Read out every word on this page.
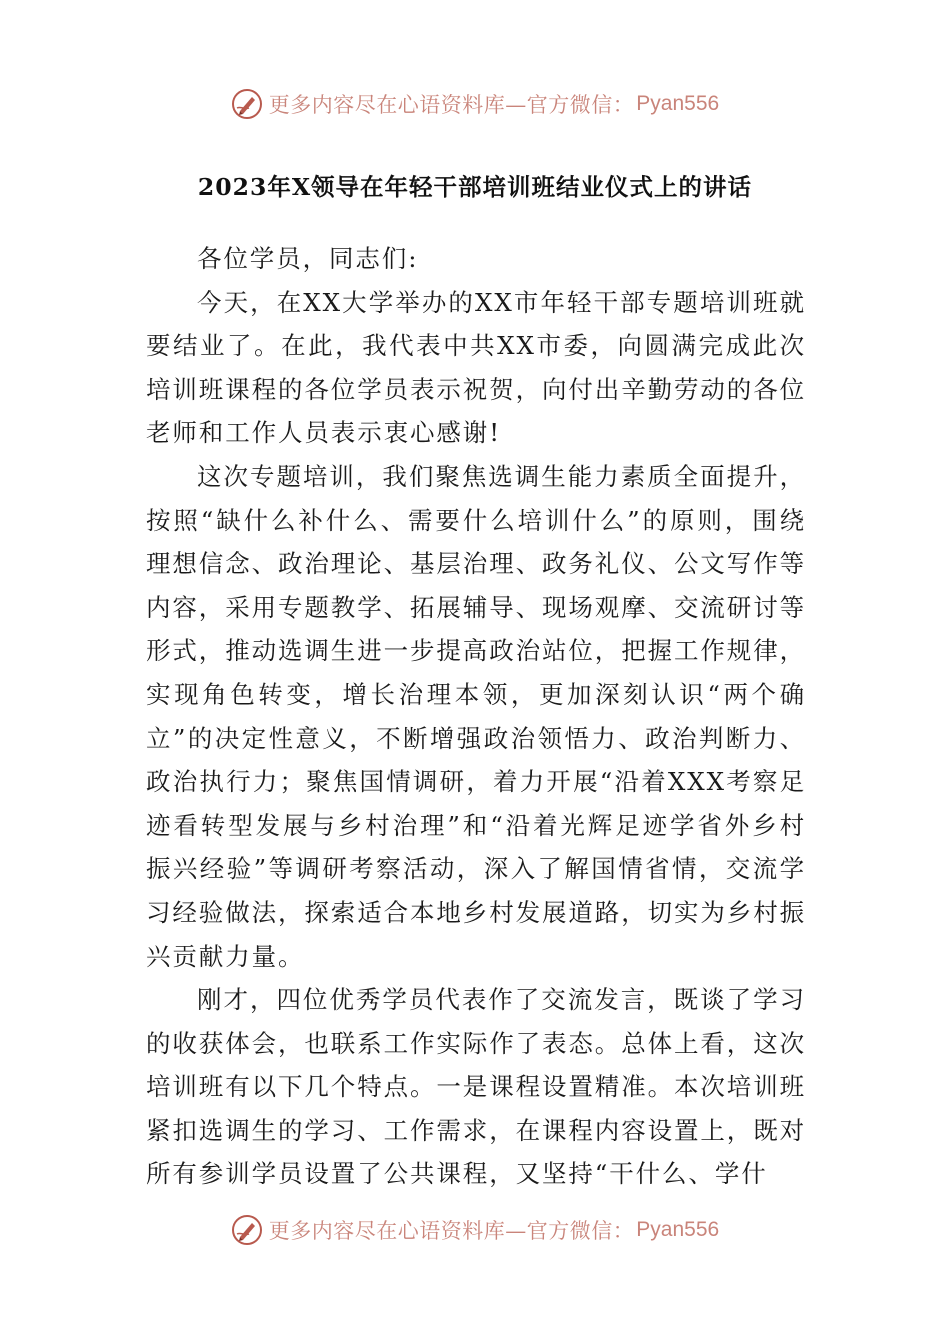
更多内容尽在心语资料库—官方微信： Pyan556
2023年X领导在年轻干部培训班结业仪式上的讲话

各位学员，同志们:

今天，在XX大学举办的XX市年轻干部专题培训班就要结业了。在此，我代表中共XX市委，向圆满完成此次培训班课程的各位学员表示祝贺，向付出辛勤劳动的各位老师和工作人员表示衷心感谢!

这次专题培训，我们聚焦选调生能力素质全面提升，按照“缺什么补什么、需要什么培训什么”的原则，围绕理想信念、政治理论、基层治理、政务礼仪、公文写作等内容，采用专题教学、拓展辅导、现场观摩、交流研讨等形式，推动选调生进一步提高政治站位，把握工作规律，实现角色转变，增长治理本领，更加深刻认识“两个确立”的决定性意义，不断增强政治领悟力、政治判断力、政治执行力；聚焦国情调研，着力开展“沿着XXX考察足迹看转型发展与乡村治理”和“沿着光辉足迹学省外乡村振兴经验”等调研考察活动，深入了解国情省情，交流学习经验做法，探索适合本地乡村发展道路，切实为乡村振兴贡献力量。

刚才，四位优秀学员代表作了交流发言，既谈了学习的收获体会，也联系工作实际作了表态。总体上看，这次培训班有以下几个特点。一是课程设置精准。本次培训班紧扣选调生的学习、工作需求，在课程内容设置上，既对所有参训学员设置了公共课程，又坚持“干什么、学什

更多内容尽在心语资料库—官方微信： Pyan556
